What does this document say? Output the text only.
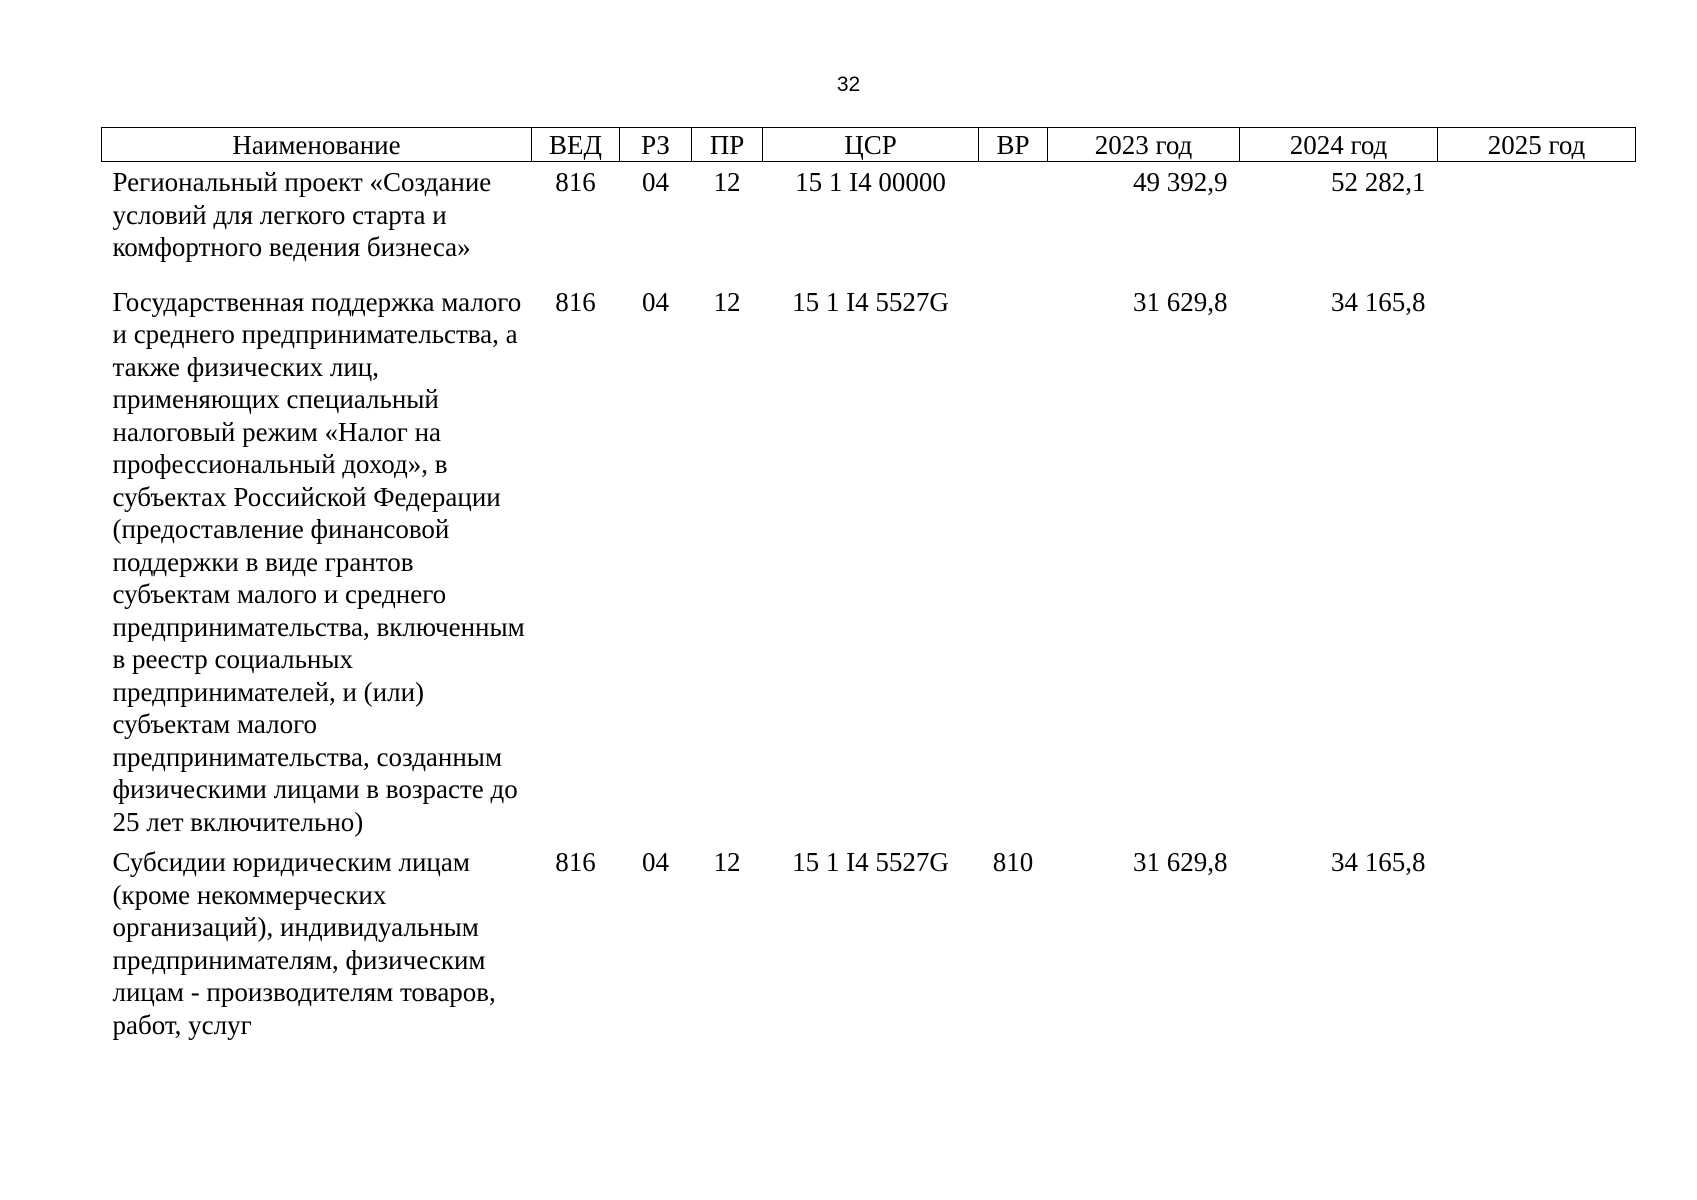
32
Наименование	ВЕД	РЗ	ПР	ЦСР	ВР	2023 год	2024 год	2025 год

Региональный проект «Создание условий для легкого старта и комфортного ведения бизнеса»	816	04	12	15 1 I4 00000		49 392,9	52 282,1	

Государственная поддержка малого и среднего предпринимательства, а также физических лиц, применяющих специальный налоговый режим «Налог на профессиональный доход», в субъектах Российской Федерации (предоставление финансовой поддержки в виде грантов субъектам малого и среднего предпринимательства, включенным в реестр социальных предпринимателей, и (или) субъектам малого предпринимательства, созданным физическими лицами в возрасте до 25 лет включительно)	816	04	12	15 1 I4 5527G		31 629,8	34 165,8	

Субсидии юридическим лицам (кроме некоммерческих организаций), индивидуальным предпринимателям, физическим лицам - производителям товаров, работ, услуг	816	04	12	15 1 I4 5527G	810	31 629,8	34 165,8	
